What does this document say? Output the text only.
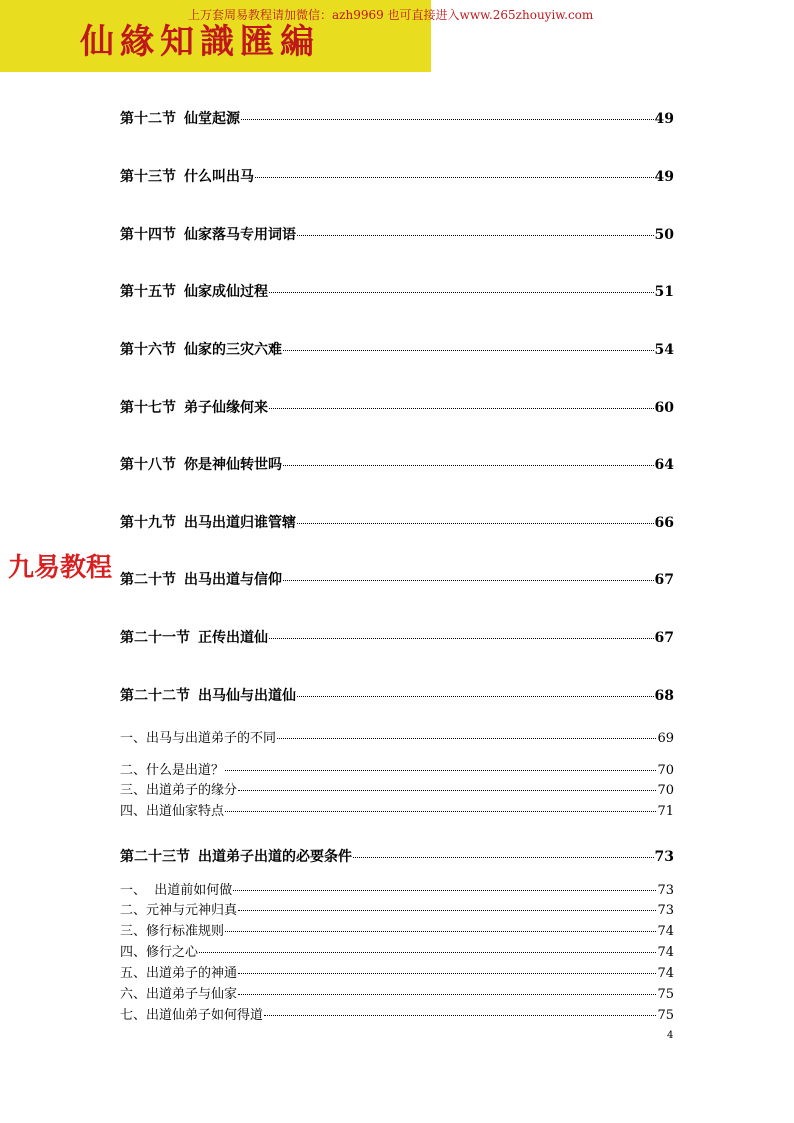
仙緣知識匯編
上万套周易教程请加微信：azh9969 也可直接进入www.265zhouyiw.com
第十二节 仙堂起源	49
第十三节 什么叫出马	49
第十四节 仙家落马专用词语	50
第十五节 仙家成仙过程	51
第十六节 仙家的三灾六难	54
第十七节 弟子仙缘何来	60
第十八节 你是神仙转世吗	64
第十九节 出马出道归谁管辖	66
第二十节 出马出道与信仰	67
第二十一节 正传出道仙	67
第二十二节 出马仙与出道仙	68
一、出马与出道弟子的不同	69
二、什么是出道？	70
三、出道弟子的缘分	70
四、出道仙家特点	71
第二十三节 出道弟子出道的必要条件	73
一、  出道前如何做	73
二、元神与元神归真	73
三、修行标准规则	74
四、修行之心	74
五、出道弟子的神通	74
六、出道弟子与仙家	75
七、出道仙弟子如何得道	75
九易教程
4
